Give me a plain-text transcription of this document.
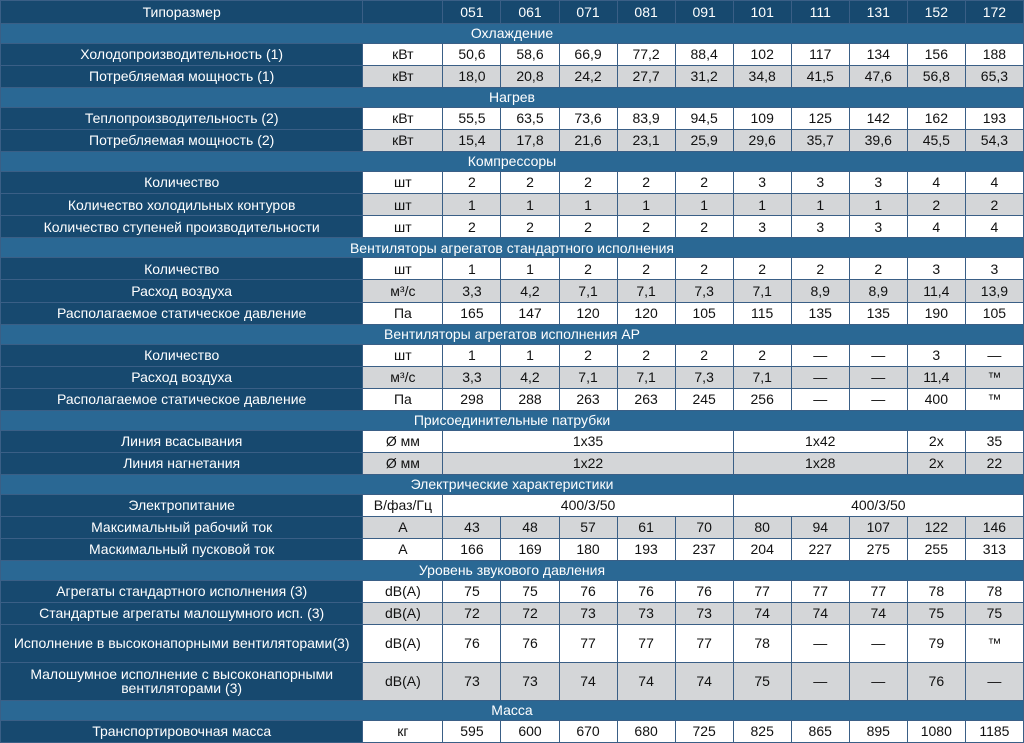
Типоразмер		051	061	071	081	091	101	111	131	152	172
Охлаждение											
Холодопроизводительность (1)	кВт	50,6	58,6	66,9	77,2	88,4	102	117	134	156	188
Потребляемая мощность (1)	кВт	18,0	20,8	24,2	27,7	31,2	34,8	41,5	47,6	56,8	65,3
Нагрев											
Теплопроизводительность (2)	кВт	55,5	63,5	73,6	83,9	94,5	109	125	142	162	193
Потребляемая мощность (2)	кВт	15,4	17,8	21,6	23,1	25,9	29,6	35,7	39,6	45,5	54,3
Компрессоры											
Количество	шт	2	2	2	2	2	3	3	3	4	4
Количество холодильных контуров	шт	1	1	1	1	1	1	1	1	2	2
Количество ступеней производительности	шт	2	2	2	2	2	3	3	3	4	4
Вентиляторы агрегатов стандартного исполнения											
Количество	шт	1	1	2	2	2	2	2	2	3	3
Расход воздуха	м³/с	3,3	4,2	7,1	7,1	7,3	7,1	8,9	8,9	11,4	13,9
Располагаемое статическое давление	Па	165	147	120	120	105	115	135	135	190	105
Вентиляторы агрегатов исполнения AP											
Количество	шт	1	1	2	2	2	2	—	—	3	—
Расход воздуха	м³/с	3,3	4,2	7,1	7,1	7,3	7,1	—	—	11,4	™
Располагаемое статическое давление	Па	298	288	263	263	245	256	—	—	400	™
Присоединительные патрубки											
Линия всасывания	Ø мм	1x35					1x42			2x	35
Линия нагнетания	Ø мм	1x22					1x28			2x	22
Электрические характеристики											
Электропитание	В/фаз/Гц	400/3/50					400/3/50				
Максимальный рабочий ток	А	43	48	57	61	70	80	94	107	122	146
Маскимальный пусковой ток	А	166	169	180	193	237	204	227	275	255	313
Уровень звукового давления											
Агрегаты стандартного исполнения (3)	dB(A)	75	75	76	76	76	77	77	77	78	78
Стандартые агрегаты малошумного исп. (3)	dB(A)	72	72	73	73	73	74	74	74	75	75
Исполнение в высоконапорными вентиляторами(3)	dB(A)	76	76	77	77	77	78	—	—	79	™
Малошумное исполнение с высоконапорными вентиляторами (3)	dB(A)	73	73	74	74	74	75	—	—	76	—
Масса											
Транспортировочная масса	кг	595	600	670	680	725	825	865	895	1080	1185
